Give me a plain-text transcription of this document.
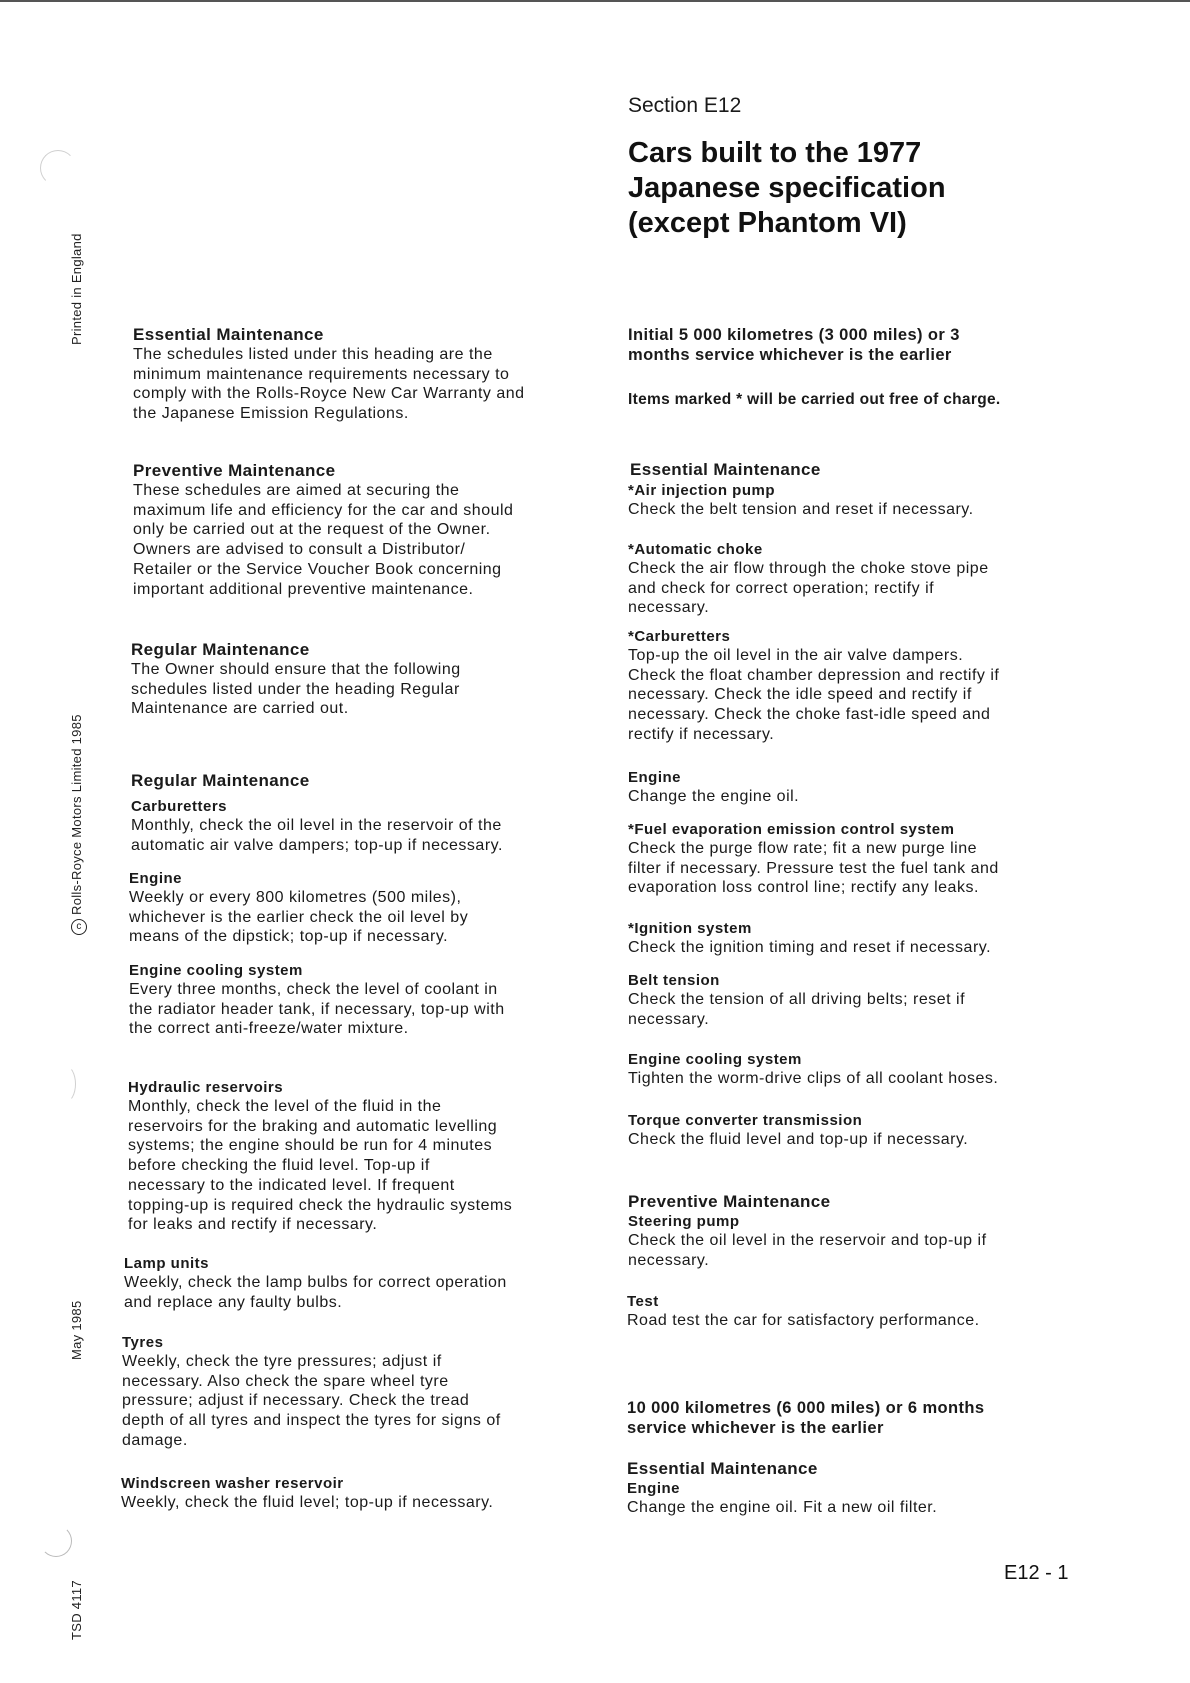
Printed in England
cRolls-Royce Motors Limited 1985
May 1985
TSD 4117
Section E12
Cars built to the 1977
Japanese specification
(except Phantom VI)
Essential Maintenance
The schedules listed under this heading are the
minimum maintenance requirements necessary to
comply with the Rolls-Royce New Car Warranty and
the Japanese Emission Regulations.
Preventive Maintenance
These schedules are aimed at securing the
maximum life and efficiency for the car and should
only be carried out at the request of the Owner.
Owners are advised to consult a Distributor/
Retailer or the Service Voucher Book concerning
important additional preventive maintenance.
Regular Maintenance
The Owner should ensure that the following
schedules listed under the heading Regular
Maintenance are carried out.
Regular Maintenance
Carburetters
Monthly, check the oil level in the reservoir of the
automatic air valve dampers; top-up if necessary.
Engine
Weekly or every 800 kilometres (500 miles),
whichever is the earlier check the oil level by
means of the dipstick; top-up if necessary.
Engine cooling system
Every three months, check the level of coolant in
the radiator header tank, if necessary, top-up with
the correct anti-freeze/water mixture.
Hydraulic reservoirs
Monthly, check the level of the fluid in the
reservoirs for the braking and automatic levelling
systems; the engine should be run for 4 minutes
before checking the fluid level. Top-up if
necessary to the indicated level. If frequent
topping-up is required check the hydraulic systems
for leaks and rectify if necessary.
Lamp units
Weekly, check the lamp bulbs for correct operation
and replace any faulty bulbs.
Tyres
Weekly, check the tyre pressures; adjust if
necessary. Also check the spare wheel tyre
pressure; adjust if necessary. Check the tread
depth of all tyres and inspect the tyres for signs of
damage.
Windscreen washer reservoir
Weekly, check the fluid level; top-up if necessary.
Initial 5 000 kilometres (3 000 miles) or 3
months service whichever is the earlier
Items marked * will be carried out free of charge.
Essential Maintenance
*Air injection pump
Check the belt tension and reset if necessary.
*Automatic choke
Check the air flow through the choke stove pipe
and check for correct operation; rectify if
necessary.
*Carburetters
Top-up the oil level in the air valve dampers.
Check the float chamber depression and rectify if
necessary. Check the idle speed and rectify if
necessary. Check the choke fast-idle speed and
rectify if necessary.
Engine
Change the engine oil.
*Fuel evaporation emission control system
Check the purge flow rate; fit a new purge line
filter if necessary. Pressure test the fuel tank and
evaporation loss control line; rectify any leaks.
*Ignition system
Check the ignition timing and reset if necessary.
Belt tension
Check the tension of all driving belts; reset if
necessary.
Engine cooling system
Tighten the worm-drive clips of all coolant hoses.
Torque converter transmission
Check the fluid level and top-up if necessary.
Preventive Maintenance
Steering pump
Check the oil level in the reservoir and top-up if
necessary.
Test
Road test the car for satisfactory performance.
10 000 kilometres (6 000 miles) or 6 months
service whichever is the earlier
Essential Maintenance
Engine
Change the engine oil. Fit a new oil filter.
E12 - 1
